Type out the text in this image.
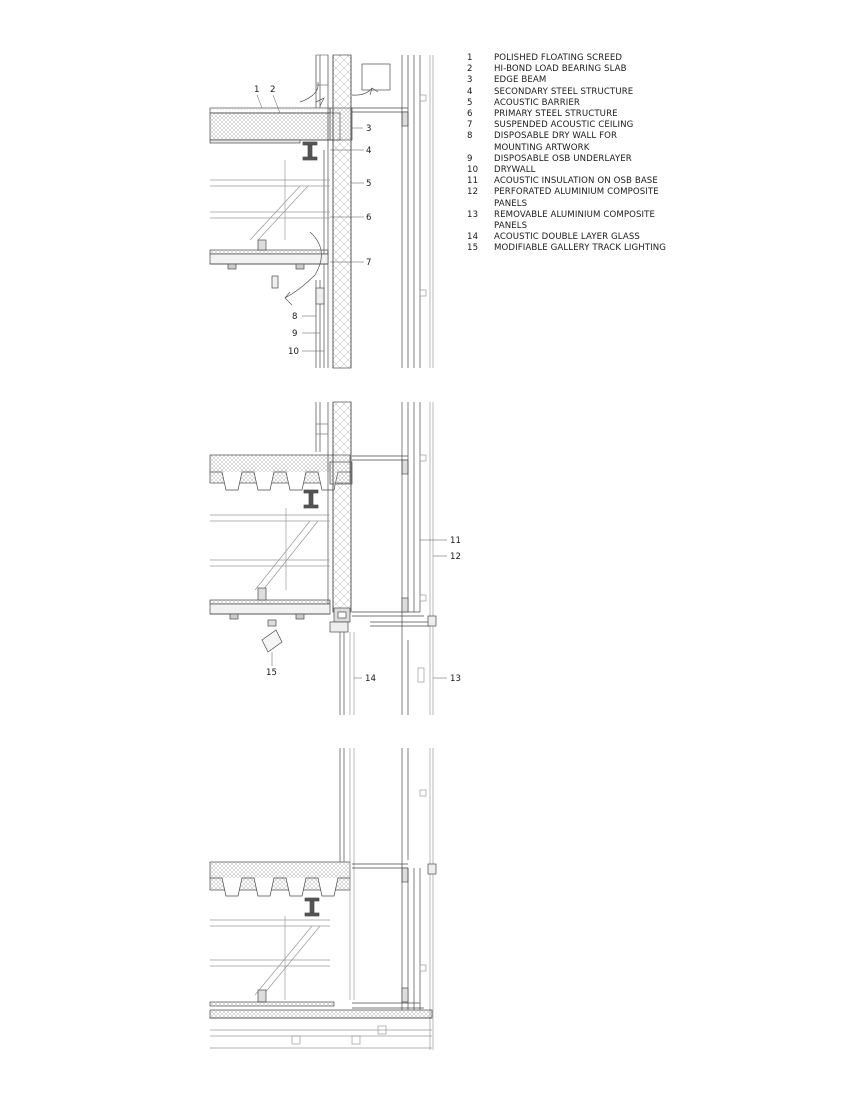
1 2
3
4
5
6
7
8
9
10
11
12
14	13
15
1	POLISHED FLOATING SCREED
2	HI-BOND LOAD BEARING SLAB
3	EDGE BEAM
4	SECONDARY STEEL STRUCTURE
5	ACOUSTIC BARRIER
6	PRIMARY STEEL STRUCTURE
7	SUSPENDED ACOUSTIC CEILING
8	DISPOSABLE DRY WALL FOR MOUNTING ARTWORK
9	DISPOSABLE OSB UNDERLAYER
10	DRYWALL
11	ACOUSTIC INSULATION ON OSB BASE
12	PERFORATED ALUMINIUM COMPOSITE PANELS
13	REMOVABLE ALUMINIUM COMPOSITE PANELS
14	ACOUSTIC DOUBLE LAYER GLASS
15	MODIFIABLE GALLERY TRACK LIGHTING
